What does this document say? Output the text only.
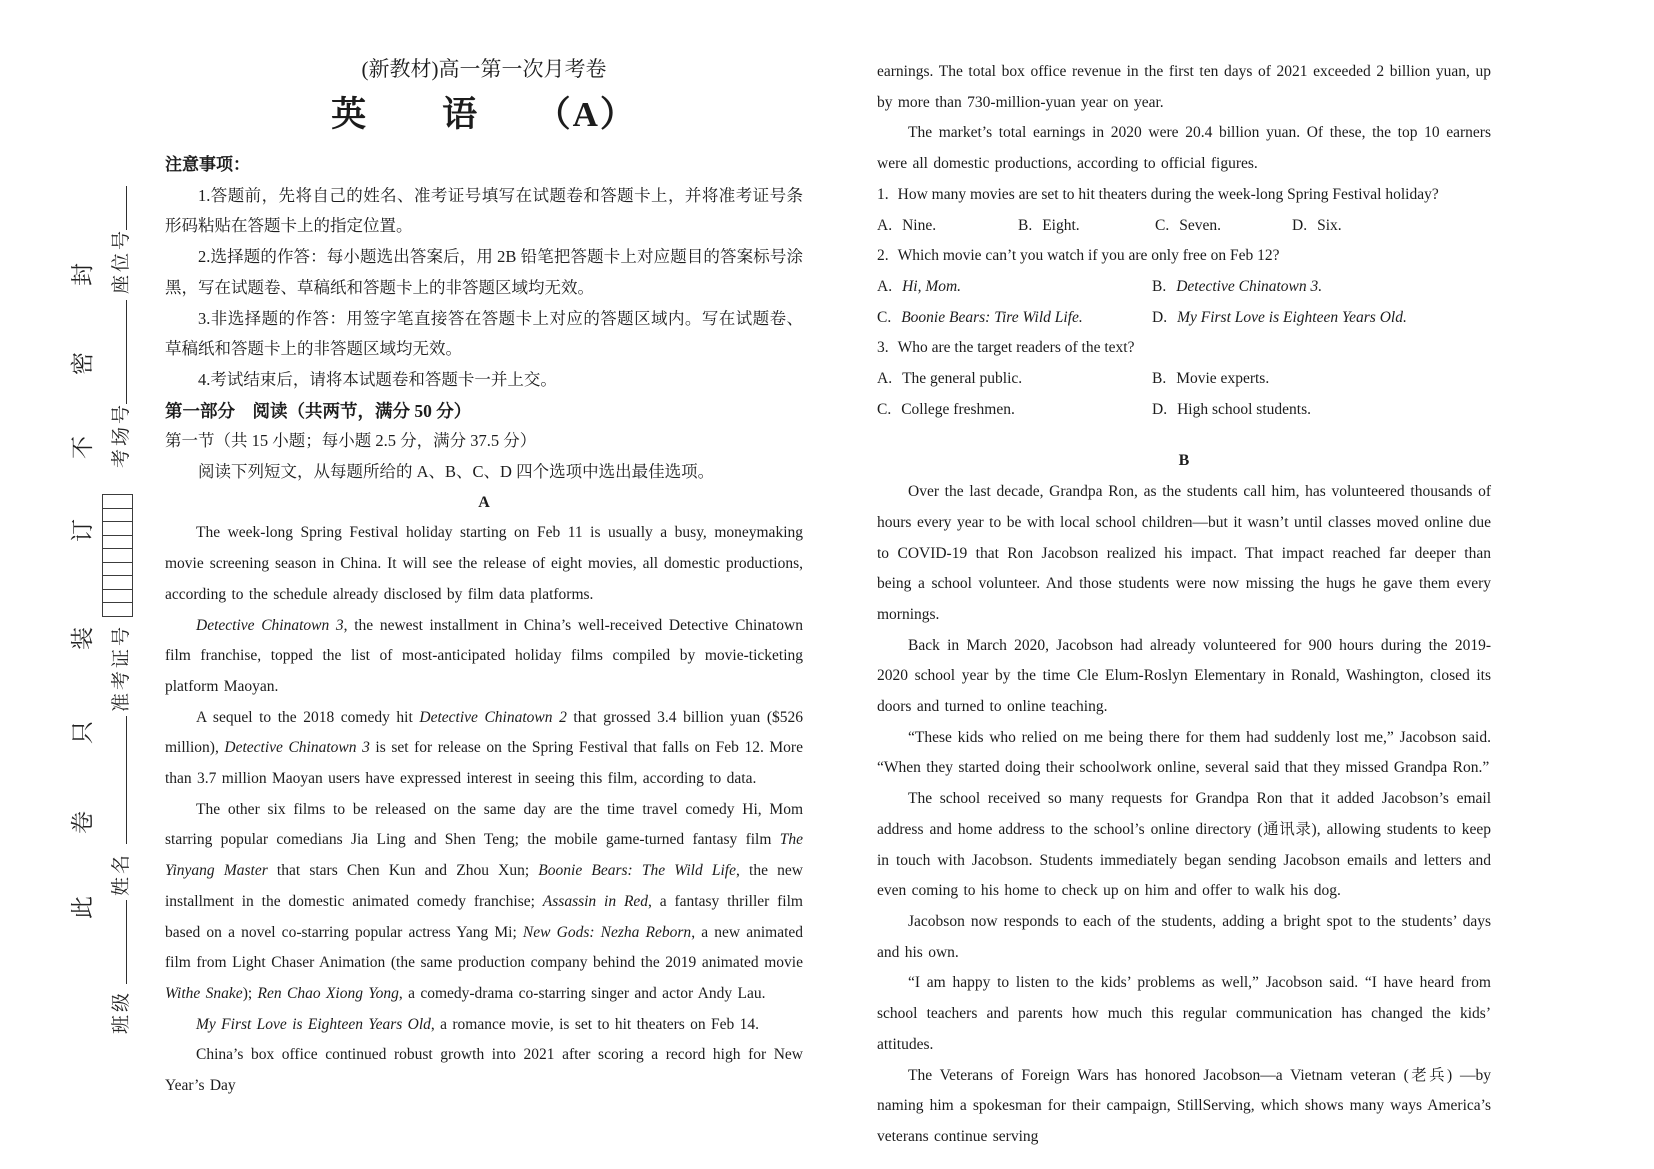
封
密
不
订
装
只
卷
此
班级
姓名
准考证号
考场号
座位号
(新教材)高一第一次月考卷
英　　语　　（A）
注意事项：

1.答题前，先将自己的姓名、准考证号填写在试题卷和答题卡上，并将准考证号条形码粘贴在答题卡上的指定位置。

2.选择题的作答：每小题选出答案后，用 2B 铅笔把答题卡上对应题目的答案标号涂黑，写在试题卷、草稿纸和答题卡上的非答题区域均无效。

3.非选择题的作答：用签字笔直接答在答题卡上对应的答题区域内。写在试题卷、草稿纸和答题卡上的非答题区域均无效。

4.考试结束后，请将本试题卷和答题卡一并上交。

第一部分　阅读（共两节，满分 50 分）
第一节（共 15 小题；每小题 2.5 分，满分 37.5 分）
阅读下列短文，从每题所给的 A、B、C、D 四个选项中选出最佳选项。
A

The week-long Spring Festival holiday starting on Feb 11 is usually a busy, moneymaking movie screening season in China. It will see the release of eight movies, all domestic productions, according to the schedule already disclosed by film data platforms.

Detective Chinatown 3, the newest installment in China’s well-received Detective Chinatown film franchise, topped the list of most-anticipated holiday films compiled by movie-ticketing platform Maoyan.

A sequel to the 2018 comedy hit Detective Chinatown 2 that grossed 3.4 billion yuan ($526 million), Detective Chinatown 3 is set for release on the Spring Festival that falls on Feb 12. More than 3.7 million Maoyan users have expressed interest in seeing this film, according to data.

The other six films to be released on the same day are the time travel comedy Hi, Mom starring popular comedians Jia Ling and Shen Teng; the mobile game-turned fantasy film The Yinyang Master that stars Chen Kun and Zhou Xun; Boonie Bears: The Wild Life, the new installment in the domestic animated comedy franchise; Assassin in Red, a fantasy thriller film based on a novel co-starring popular actress Yang Mi; New Gods: Nezha Reborn, a new animated film from Light Chaser Animation (the same production company behind the 2019 animated movie Withe Snake); Ren Chao Xiong Yong, a comedy-drama co-starring singer and actor Andy Lau.

My First Love is Eighteen Years Old, a romance movie, is set to hit theaters on Feb 14.

China’s box office continued robust growth into 2021 after scoring a record high for New Year’s Day

earnings. The total box office revenue in the first ten days of 2021 exceeded 2 billion yuan, up by more than 730-million-yuan year on year.

The market’s total earnings in 2020 were 20.4 billion yuan. Of these, the top 10 earners were all domestic productions, according to official figures.

1. How many movies are set to hit theaters during the week-long Spring Festival holiday?
A. Nine.	B. Eight.	C. Seven.	D. Six.
2. Which movie can’t you watch if you are only free on Feb 12?
A. Hi, Mom.	B. Detective Chinatown 3.
C. Boonie Bears: Tire Wild Life.	D. My First Love is Eighteen Years Old.
3. Who are the target readers of the text?
A. The general public.	B. Movie experts.
C. College freshmen.	D. High school students.
B

Over the last decade, Grandpa Ron, as the students call him, has volunteered thousands of hours every year to be with local school children—but it wasn’t until classes moved online due to COVID-19 that Ron Jacobson realized his impact. That impact reached far deeper than being a school volunteer. And those students were now missing the hugs he gave them every mornings.

Back in March 2020, Jacobson had already volunteered for 900 hours during the 2019-2020 school year by the time Cle Elum-Roslyn Elementary in Ronald, Washington, closed its doors and turned to online teaching.

“These kids who relied on me being there for them had suddenly lost me,” Jacobson said. “When they started doing their schoolwork online, several said that they missed Grandpa Ron.”

The school received so many requests for Grandpa Ron that it added Jacobson’s email address and home address to the school’s online directory (通讯录), allowing students to keep in touch with Jacobson. Students immediately began sending Jacobson emails and letters and even coming to his home to check up on him and offer to walk his dog.

Jacobson now responds to each of the students, adding a bright spot to the students’ days and his own.

“I am happy to listen to the kids’ problems as well,” Jacobson said. “I have heard from school teachers and parents how much this regular communication has changed the kids’ attitudes.

The Veterans of Foreign Wars has honored Jacobson—a Vietnam veteran (老兵) —by naming him a spokesman for their campaign, StillServing, which shows many ways America’s veterans continue serving
